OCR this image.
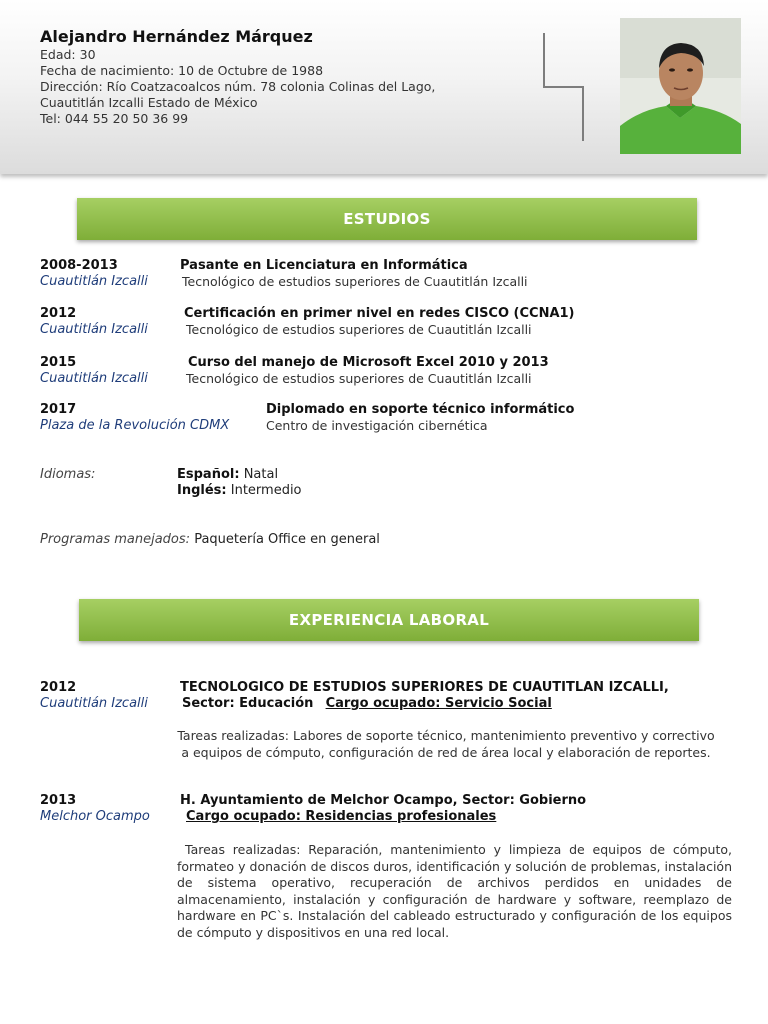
Alejandro Hernández Márquez
Edad: 30
Fecha de nacimiento: 10 de Octubre de 1988
Dirección: Río Coatzacoalcos núm. 78 colonia Colinas del Lago,
Cuautitlán Izcalli Estado de México
Tel: 044 55 20 50 36 99
ESTUDIOS
2008-2013
Cuautitlán Izcalli
Pasante en Licenciatura en Informática
Tecnológico de estudios superiores de Cuautitlán Izcalli
2012
Cuautitlán Izcalli
Certificación en primer nivel en redes CISCO (CCNA1)
Tecnológico de estudios superiores de Cuautitlán Izcalli
2015
Cuautitlán Izcalli
Curso del manejo de Microsoft Excel 2010 y 2013
Tecnológico de estudios superiores de Cuautitlán Izcalli
2017
Plaza de la Revolución CDMX
Diplomado en soporte técnico informático
Centro de investigación cibernética
Idiomas:	Español: Natal
Inglés: Intermedio
Programas manejados: Paquetería Office en general
EXPERIENCIA LABORAL
2012
Cuautitlán Izcalli
TECNOLOGICO DE ESTUDIOS SUPERIORES DE CUAUTITLAN IZCALLI,
Sector: Educación Cargo ocupado: Servicio Social
Tareas realizadas: Labores de soporte técnico, mantenimiento preventivo y correctivo
a equipos de cómputo, configuración de red de área local y elaboración de reportes.
2013
Melchor Ocampo
H. Ayuntamiento de Melchor Ocampo, Sector: Gobierno
Cargo ocupado: Residencias profesionales
Tareas realizadas: Reparación, mantenimiento y limpieza de equipos de cómputo, formateo y donación de discos duros, identificación y solución de problemas, instalación de sistema operativo, recuperación de archivos perdidos en unidades de almacenamiento, instalación y configuración de hardware y software, reemplazo de hardware en PC`s. Instalación del cableado estructurado y configuración de los equipos de cómputo y dispositivos en una red local.
